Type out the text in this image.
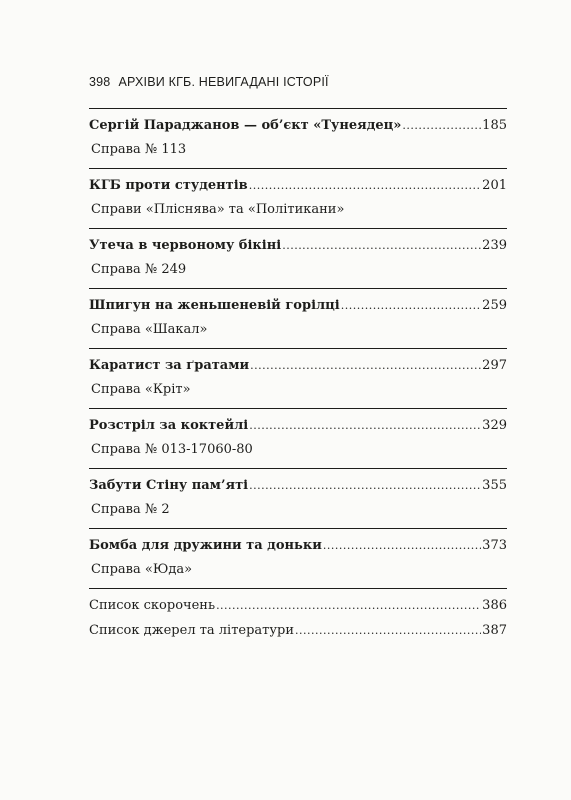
398 АРХІВИ КГБ. НЕВИГАДАНІ ІСТОРІЇ
Сергій Параджанов — об’єкт «Тунеядец» .....	185
Справа № 113
КГБ проти студентів .....	201
Справи «Пліснява» та «Політикани»
Утеча в червоному бікіні .....	239
Справа № 249
Шпигун на женьшеневій горілці .....	259
Справа «Шакал»
Каратист за ґратами .....	297
Справа «Кріт»
Розстріл за коктейлі .....	329
Справа № 013-17060-80
Забути Стіну пам’яті .....	355
Справа № 2
Бомба для дружини та доньки .....	373
Справа «Юда»
Список скорочень .....	386
Список джерел та літератури .....	387
